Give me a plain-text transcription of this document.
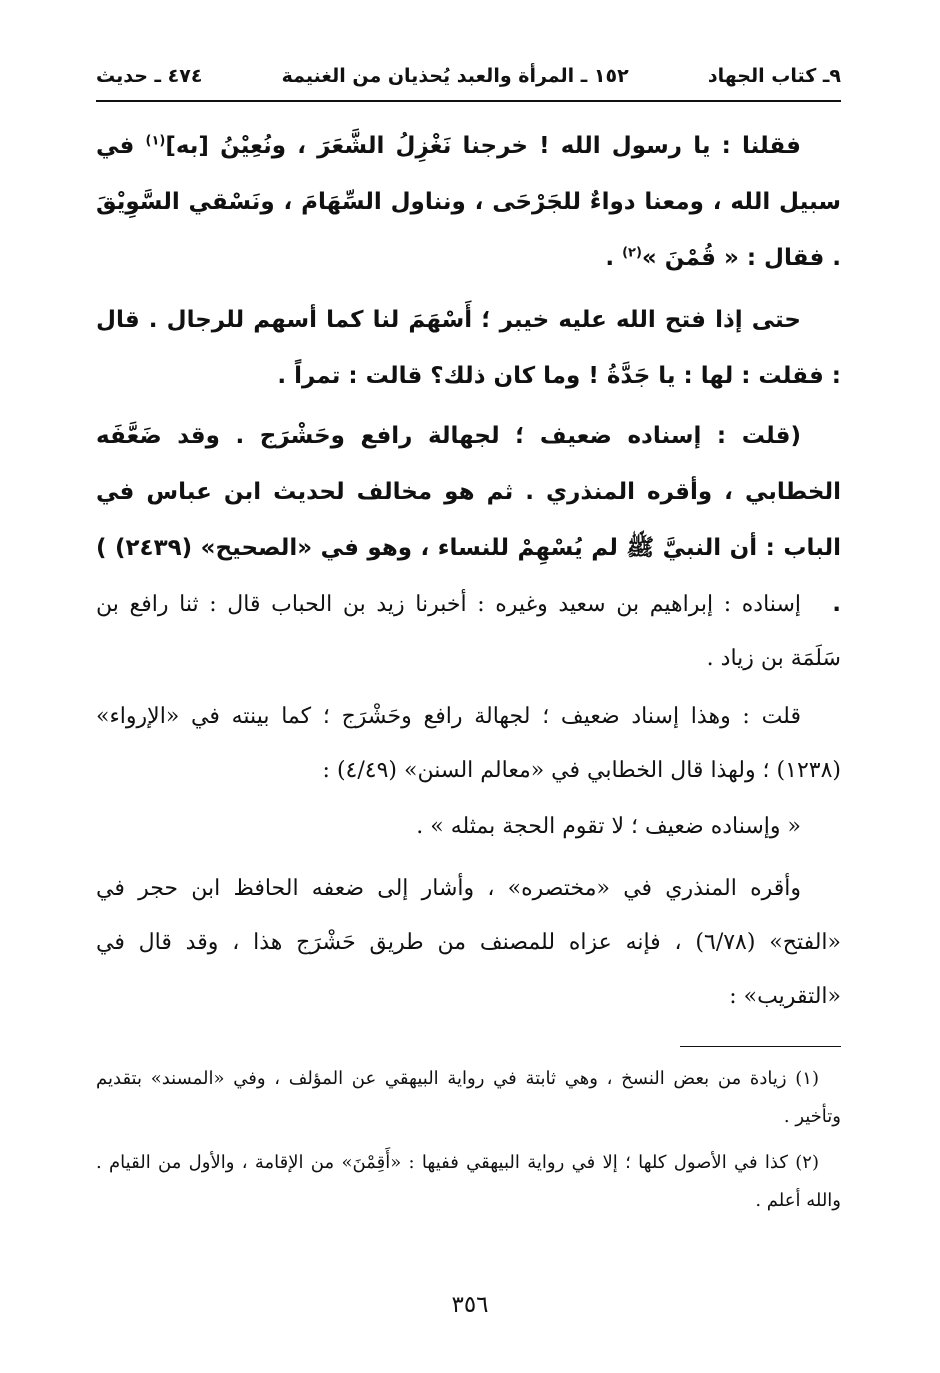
٩ـ كتاب الجهاد
١٥٢ ـ المرأة والعبد يُحذيان من الغنيمة
٤٧٤ ـ حديث

فقلنا : يا رسول الله ! خرجنا نَغْزِلُ الشَّعَرَ ، ونُعِيْنُ [به]$^{(١)}$ في سبيل الله ، ومعنا دواءٌ للجَرْحَى ، ونناول السِّهَامَ ، ونَسْقي السَّوِيْقَ . فقال : « قُمْنَ »$^{(٢)}$ .

حتى إذا فتح الله عليه خيبر ؛ أَسْهَمَ لنا كما أسهم للرجال . قال : فقلت : لها : يا جَدَّةُ ! وما كان ذلك؟ قالت : تمراً .

(قلت : إسناده ضعيف ؛ لجهالة رافع وحَشْرَج . وقد ضَعَّفَه الخطابي ، وأقره المنذري . ثم هو مخالف لحديث ابن عباس في الباب : أن النبيَّ ﷺ لم يُسْهِمْ للنساء ، وهو في «الصحيح» (٢٤٣٩) ) .

إسناده : إبراهيم بن سعيد وغيره : أخبرنا زيد بن الحباب قال : ثنا رافع بن سَلَمَة بن زياد .

قلت : وهذا إسناد ضعيف ؛ لجهالة رافع وحَشْرَج ؛ كما بينته في «الإرواء» (١٢٣٨) ؛ ولهذا قال الخطابي في «معالم السنن» (٤/٤٩) :

« وإسناده ضعيف ؛ لا تقوم الحجة بمثله » .

وأقره المنذري في «مختصره» ، وأشار إلى ضعفه الحافظ ابن حجر في «الفتح» (٦/٧٨) ، فإنه عزاه للمصنف من طريق حَشْرَج هذا ، وقد قال في «التقريب» :

(١) زيادة من بعض النسخ ، وهي ثابتة في رواية البيهقي عن المؤلف ، وفي «المسند» بتقديم وتأخير .

(٢) كذا في الأصول كلها ؛ إلا في رواية البيهقي ففيها : «أَقِمْنَ» من الإقامة ، والأول من القيام . والله أعلم .

٣٥٦
